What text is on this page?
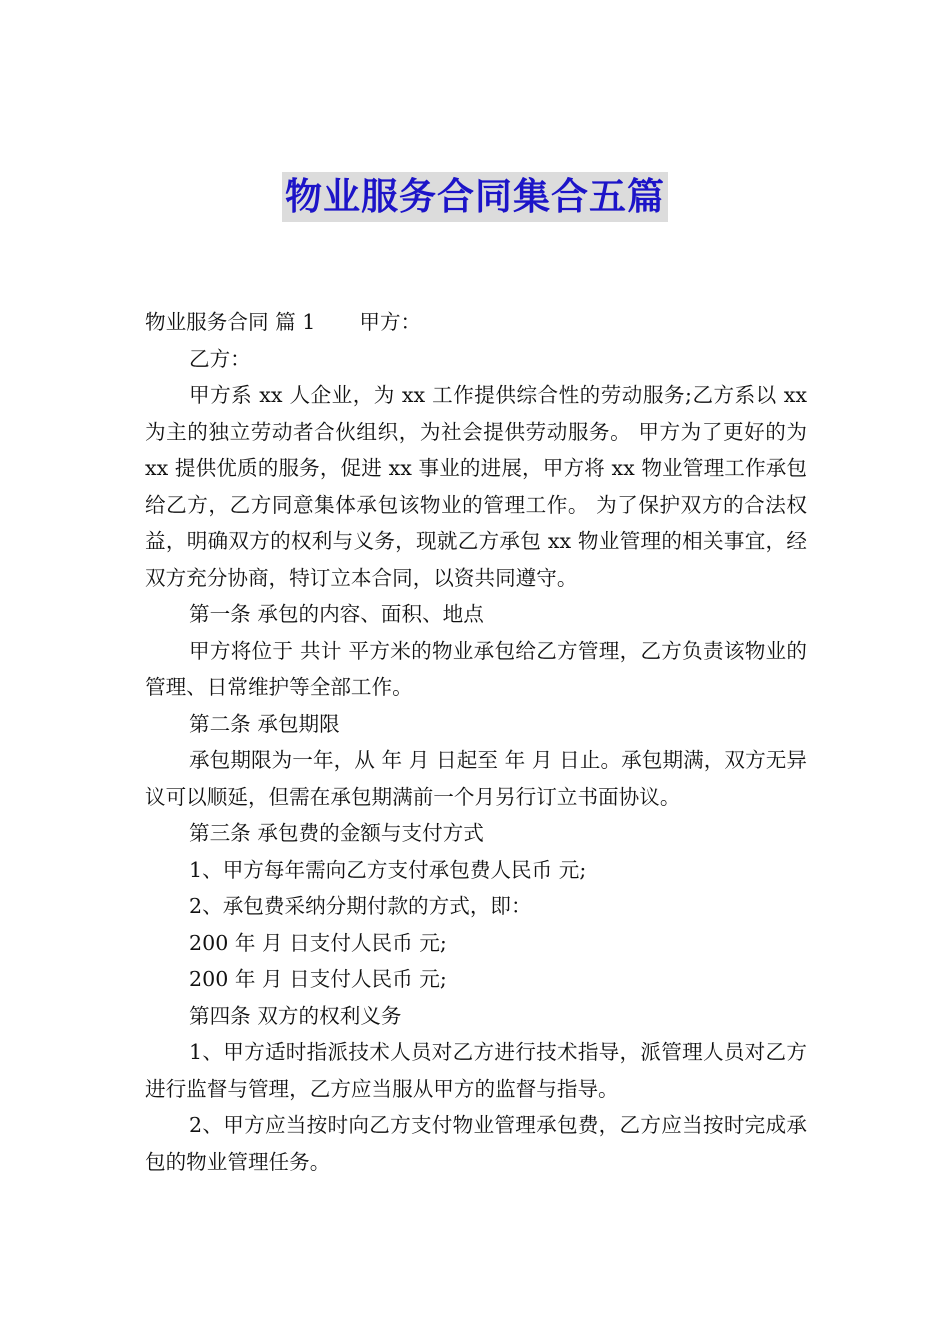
物业服务合同集合五篇

物业服务合同 篇 1 甲方：

乙方：

甲方系 xx 人企业，为 xx 工作提供综合性的劳动服务;乙方系以 xx 为主的独立劳动者合伙组织，为社会提供劳动服务。 甲方为了更好的为 xx 提供优质的服务，促进 xx 事业的进展，甲方将 xx 物业管理工作承包给乙方，乙方同意集体承包该物业的管理工作。 为了保护双方的合法权益，明确双方的权利与义务，现就乙方承包 xx 物业管理的相关事宜，经双方充分协商，特订立本合同，以资共同遵守。

第一条 承包的内容、面积、地点

甲方将位于 共计 平方米的物业承包给乙方管理，乙方负责该物业的管理、日常维护等全部工作。

第二条 承包期限

承包期限为一年，从 年 月 日起至 年 月 日止。承包期满，双方无异议可以顺延，但需在承包期满前一个月另行订立书面协议。

第三条 承包费的金额与支付方式

1、甲方每年需向乙方支付承包费人民币 元;

2、承包费采纳分期付款的方式，即：

200 年 月 日支付人民币 元;

200 年 月 日支付人民币 元;

第四条 双方的权利义务

1、甲方适时指派技术人员对乙方进行技术指导，派管理人员对乙方进行监督与管理，乙方应当服从甲方的监督与指导。

2、甲方应当按时向乙方支付物业管理承包费，乙方应当按时完成承包的物业管理任务。
